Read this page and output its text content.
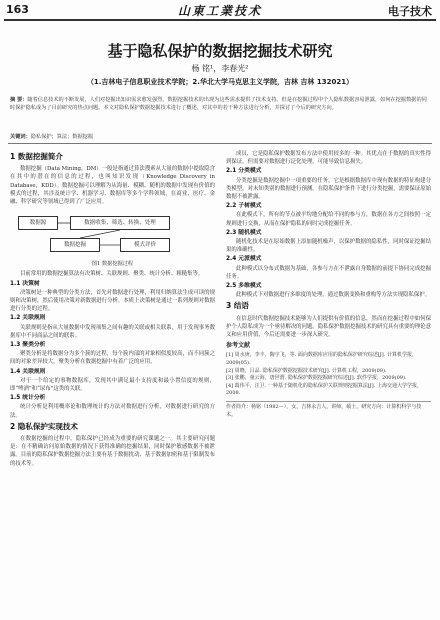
163	山東工業技术	电子技术
基于隐私保护的数据挖掘技术研究
杨 铭¹，李春光²
（1.吉林电子信息职业技术学院；2.华北大学马克思主义学院，吉林 吉林 132021）
摘 要：随着信息技术的不断发展，人们对挖掘出知识需求愈发强烈，数据挖掘技术的出现为这些需求提供了技术支持。但是在挖掘过程中个人隐私数据容易泄露，如何在挖掘数据的同时保护隐私成为了目前研究的热点问题。本文对隐私保护数据挖掘技术进行了概述，对其中的若干种方法进行分析，并探讨了今后的研究方向。
关键词：隐私保护；算法；数据挖掘
1 数据挖掘简介
数据挖掘（Data Mining，DM）一般是指通过算法搜索从大量的数据中提取隐含在其中的潜在的信息的过程，也叫知识发现（Knowledge Discovery in Database，KDD）。数据挖掘可以理解为从海量、模糊、随机的数据中发现有价值的模式的过程，其涉及统计学、机器学习、数据库等多个学科领域，在商业、医疗、金融、科学研究等领域已得到了广泛应用。
数据源	数据收集、筛选、转换、处理
数据挖掘	模式评价
图1 数据挖掘过程
目前常用的数据挖掘算法有决策树、关联规则、聚类、统计分析、粗糙集等。
1.1 决策树
决策树是一种典型的分类方法，首先对数据进行处理，利用归纳算法生成可读的规则和决策树，然后使用决策对新数据进行分析。本质上决策树是通过一系列规则对数据进行分类的过程。
1.2 关联规则
关联规则是指从大量数据中发现项集之间有趣的关联或相关联系，用于发现事务数据库中不同商品之间的联系。
1.3 聚类分析
聚类分析是将数据分为多个簇的过程，每个簇内部的对象相似度较高，而不同簇之间的对象差异较大。聚类分析在数据挖掘中有着广泛的应用。
1.4 关联规则
对于一个给定的事物数据库，发现其中满足最小支持度和最小置信度的规则，即“啤酒”和“尿布”这类的关联。
1.5 统计分析
统计分析是利用概率论和数理统计的方法对数据进行分析，对数据进行研究的方法。
2 隐私保护实现技术
在数据挖掘的过程中，隐私保护已经成为重要的研究课题之一。其主要研究问题是：在不精确访问原始数据的情况下获得准确的挖掘结果，同时保护敏感数据不被泄露。目前的隐私保护数据挖掘方法主要有基于数据扰动、基于数据加密和基于限制发布的技术等。
成员，它是隐私保护数据发布方法中使用较多的一种。其优点在于数据的真实性得到保证，但需要对数据进行泛化处理，可能导致信息损失。
2.1 分类模式
分类挖掘是数据挖掘中一项重要的任务，它是根据数据库中现有数据的特征构建分类模型，对未知类别的数据进行预测。在隐私保护条件下进行分类挖掘，需要保证原始数据不被泄露。
2.2 子树模式
在此模式下，所有的节点被平均地分配给不同的参与方，数据在各方之间按照一定规则进行交换，从而在保护隐私的同时完成挖掘任务。
2.3 随机模式
随机化技术是在原始数据上添加随机噪声，以保护数据的隐私性，同时保证挖掘结果的准确性。
2.4 元派模式
此种模式以分布式数据为基础，各参与方在不泄露自身数据的前提下协同完成挖掘任务。
2.5 多维模式
此种模式下对数据进行多维度的处理，通过数据变换和重构等方法实现隐私保护。
3 结语
在信息时代数据挖掘技术能够为人们提供有价值的信息，然而在挖掘过程中如何保护个人隐私成为一个亟待解决的问题。隐私保护数据挖掘技术的研究具有重要的理论意义和应用价值，今后还需要进一步深入研究。
参考文献
[1] 周水庚，李丰，陶宇飞，等. 面向数据库应用的隐私保护研究综述[J]. 计算机学报，2009(05).
[2] 周晓，吕品. 隐私保护数据挖掘技术研究[J]. 计算机工程，2009(09).
[3] 张鹏，童云海，唐世渭. 隐私保护数据挖掘研究综述[J]. 软件学报，2009(09).
[4] 葛伟平，汪卫. 一种基于随机化的隐私保护关联规则挖掘算法[J]. 上海交通大学学报，2008.
作者简介：杨铭（1982—），女，吉林永吉人，讲师，硕士，研究方向：计算机科学与技术。
